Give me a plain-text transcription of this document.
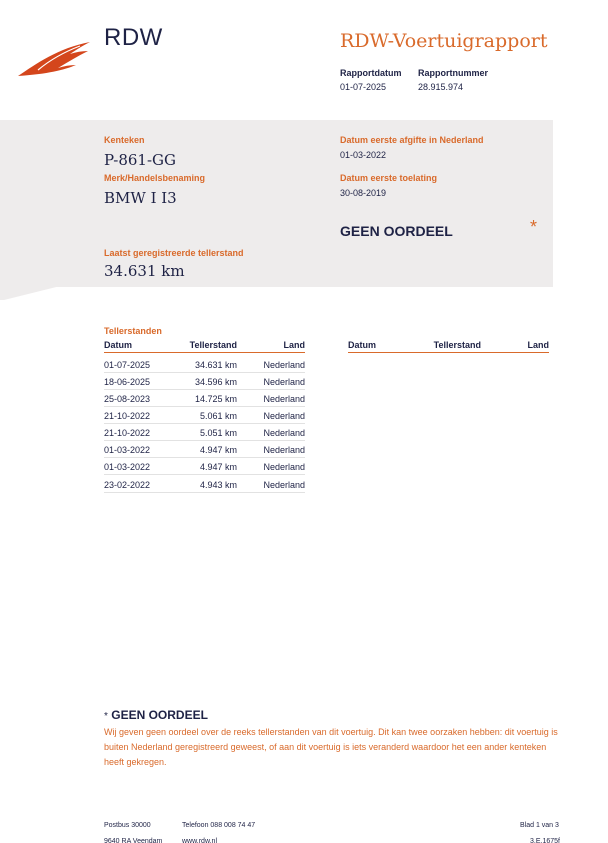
RDW	RDW-Voertuigrapport
Rapportdatum
01-07-2025
Rapportnummer
28.915.974
Kenteken
P-861-GG
Merk/Handelsbenaming
BMW I I3
Laatst geregistreerde tellerstand
34.631 km
Datum eerste afgifte in Nederland
01-03-2022
Datum eerste toelating
30-08-2019
GEEN OORDEEL	*
Tellerstanden
Datum	Tellerstand	Land	Datum	Tellerstand	Land
01-07-2025	34.631 km	Nederland
18-06-2025	34.596 km	Nederland
25-08-2023	14.725 km	Nederland
21-10-2022	5.061 km	Nederland
21-10-2022	5.051 km	Nederland
01-03-2022	4.947 km	Nederland
01-03-2022	4.947 km	Nederland
23-02-2022	4.943 km	Nederland
* GEEN OORDEEL
Wij geven geen oordeel over de reeks tellerstanden van dit voertuig. Dit kan twee oorzaken hebben: dit voertuig is buiten Nederland geregistreerd geweest, of aan dit voertuig is iets veranderd waardoor het een ander kenteken heeft gekregen.
Postbus 30000
9640 RA Veendam
Telefoon 088 008 74 47
www.rdw.nl
Blad 1 van 3
3.E.1675f
